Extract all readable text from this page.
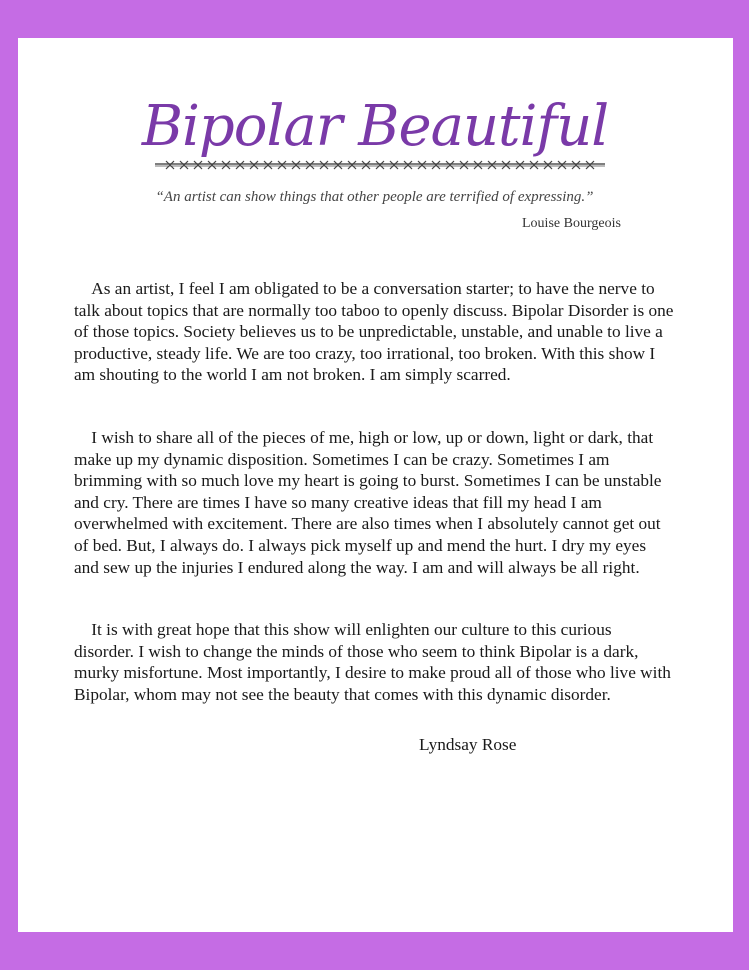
Bipolar Beautiful

“An artist can show things that other people are terrified of expressing.”

Louise Bourgeois

As an artist, I feel I am obligated to be a conversation starter; to have the nerve to talk about topics that are normally too taboo to openly discuss. Bipolar Disorder is one of those topics. Society believes us to be unpredictable, unstable, and unable to live a productive, steady life. We are too crazy, too irrational, too broken. With this show I am shouting to the world I am not broken. I am simply scarred.

I wish to share all of the pieces of me, high or low, up or down, light or dark, that make up my dynamic disposition. Sometimes I can be crazy. Sometimes I am brimming with so much love my heart is going to burst. Sometimes I can be unstable and cry. There are times I have so many creative ideas that fill my head I am overwhelmed with excitement. There are also times when I absolutely cannot get out of bed. But, I always do. I always pick myself up and mend the hurt. I dry my eyes and sew up the injuries I endured along the way. I am and will always be all right.

It is with great hope that this show will enlighten our culture to this curious disorder. I wish to change the minds of those who seem to think Bipolar is a dark, murky misfortune. Most importantly, I desire to make proud all of those who live with Bipolar, whom may not see the beauty that comes with this dynamic disorder.

Lyndsay Rose
